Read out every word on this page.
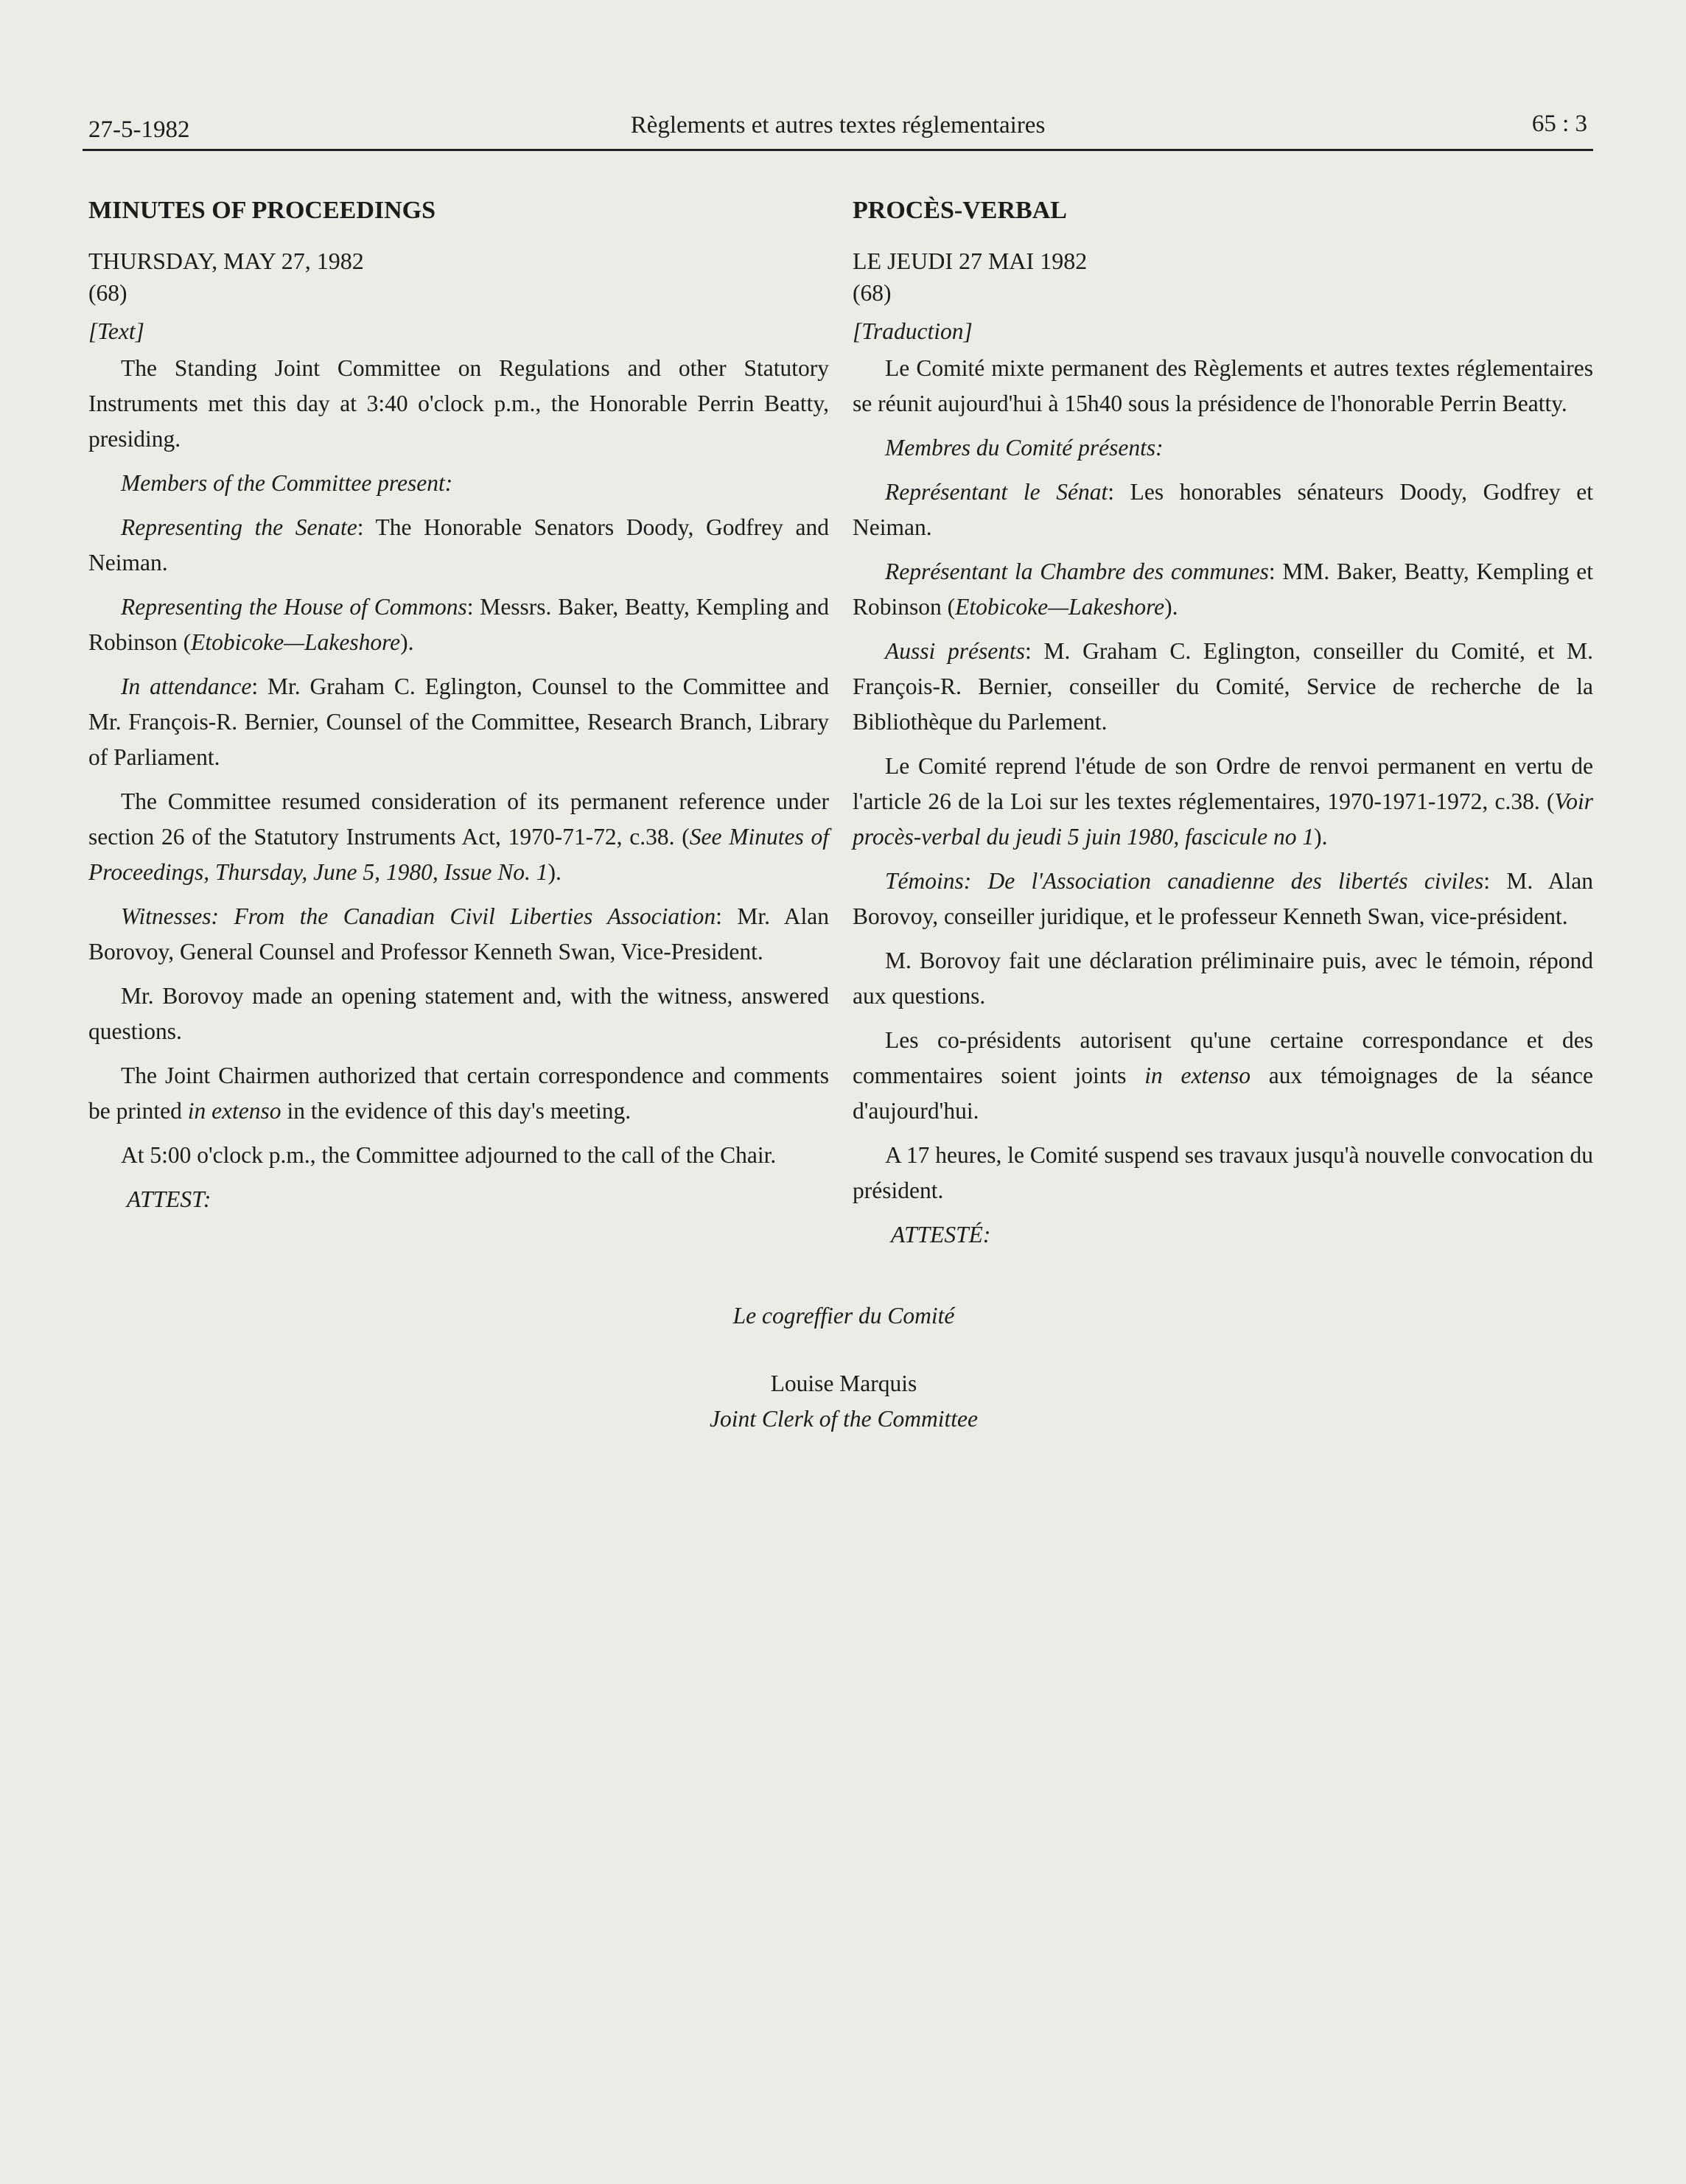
27-5-1982	Règlements et autres textes réglementaires	65 : 3
MINUTES OF PROCEEDINGS
THURSDAY, MAY 27, 1982
(68)
[Text]

The Standing Joint Committee on Regulations and other Statutory Instruments met this day at 3:40 o'clock p.m., the Honorable Perrin Beatty, presiding.

Members of the Committee present:

Representing the Senate: The Honorable Senators Doody, Godfrey and Neiman.

Representing the House of Commons: Messrs. Baker, Beatty, Kempling and Robinson (Etobicoke—Lakeshore).

In attendance: Mr. Graham C. Eglington, Counsel to the Committee and Mr. François-R. Bernier, Counsel of the Committee, Research Branch, Library of Parliament.

The Committee resumed consideration of its permanent reference under section 26 of the Statutory Instruments Act, 1970-71-72, c.38. (See Minutes of Proceedings, Thursday, June 5, 1980, Issue No. 1).

Witnesses: From the Canadian Civil Liberties Association: Mr. Alan Borovoy, General Counsel and Professor Kenneth Swan, Vice-President.

Mr. Borovoy made an opening statement and, with the witness, answered questions.

The Joint Chairmen authorized that certain correspondence and comments be printed in extenso in the evidence of this day's meeting.

At 5:00 o'clock p.m., the Committee adjourned to the call of the Chair.

ATTEST:
PROCÈS-VERBAL
LE JEUDI 27 MAI 1982
(68)
[Traduction]

Le Comité mixte permanent des Règlements et autres textes réglementaires se réunit aujourd'hui à 15h40 sous la présidence de l'honorable Perrin Beatty.

Membres du Comité présents:

Représentant le Sénat: Les honorables sénateurs Doody, Godfrey et Neiman.

Représentant la Chambre des communes: MM. Baker, Beatty, Kempling et Robinson (Etobicoke—Lakeshore).

Aussi présents: M. Graham C. Eglington, conseiller du Comité, et M. François-R. Bernier, conseiller du Comité, Service de recherche de la Bibliothèque du Parlement.

Le Comité reprend l'étude de son Ordre de renvoi permanent en vertu de l'article 26 de la Loi sur les textes réglementaires, 1970-1971-1972, c.38. (Voir procès-verbal du jeudi 5 juin 1980, fascicule no 1).

Témoins: De l'Association canadienne des libertés civiles: M. Alan Borovoy, conseiller juridique, et le professeur Kenneth Swan, vice-président.

M. Borovoy fait une déclaration préliminaire puis, avec le témoin, répond aux questions.

Les co-présidents autorisent qu'une certaine correspondance et des commentaires soient joints in extenso aux témoignages de la séance d'aujourd'hui.

A 17 heures, le Comité suspend ses travaux jusqu'à nouvelle convocation du président.

ATTESTÉ:
Le cogreffier du Comité
Louise Marquis
Joint Clerk of the Committee
